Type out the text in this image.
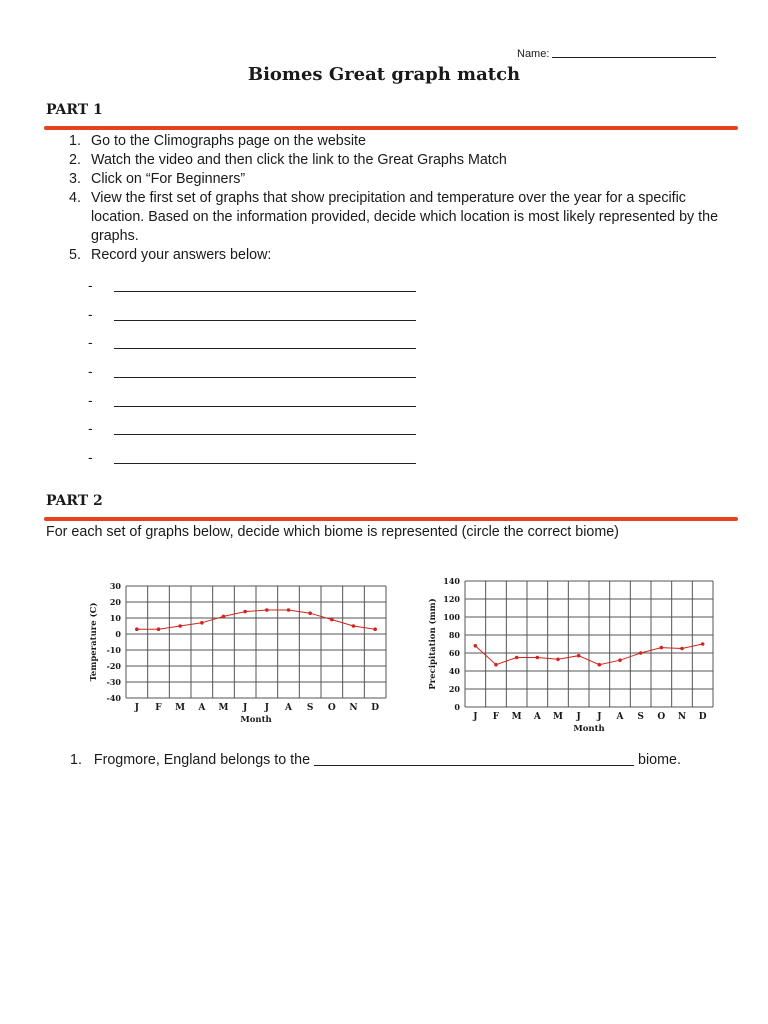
Name:
Biomes Great graph match
PART 1
1. Go to the Climographs page on the website
2. Watch the video and then click the link to the Great Graphs Match
3. Click on “For Beginners”
4. View the first set of graphs that show precipitation and temperature over the year for a specific location. Based on the information provided, decide which location is most likely represented by the graphs.
5. Record your answers below:
-
-
-
-
-
-
-
PART 2
For each set of graphs below, decide which biome is represented (circle the correct biome)
30
20
10
0
-10
-20
-30
-40
J F M A M J J A S O N D
Month
Temperature (C)
140
120
100
80
60
40
20
0
J F M A M J J A S O N D
Month
Precipitation (mm)
1. Frogmore, England belongs to the	biome.
